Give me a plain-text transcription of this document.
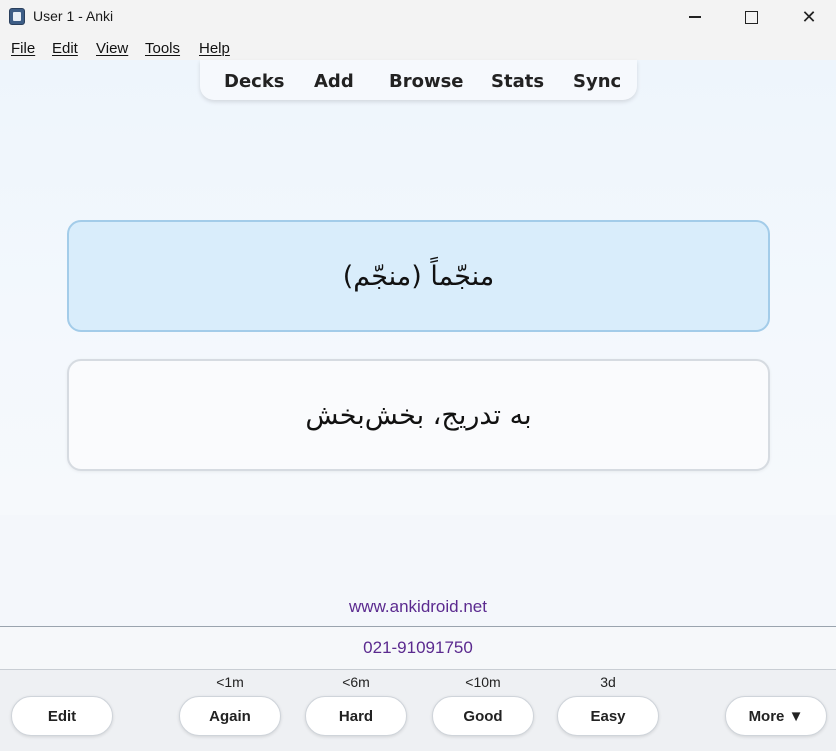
User 1 - Anki	✕
File Edit View Tools Help
Decks Add Browse Stats Sync
منجّماً (منجّم)
به تدریج، بخش‌بخش
www.ankidroid.net
021-91091750
<1m	<6m	<10m	3d
Edit	Again	Hard	Good	Easy	More ▼
